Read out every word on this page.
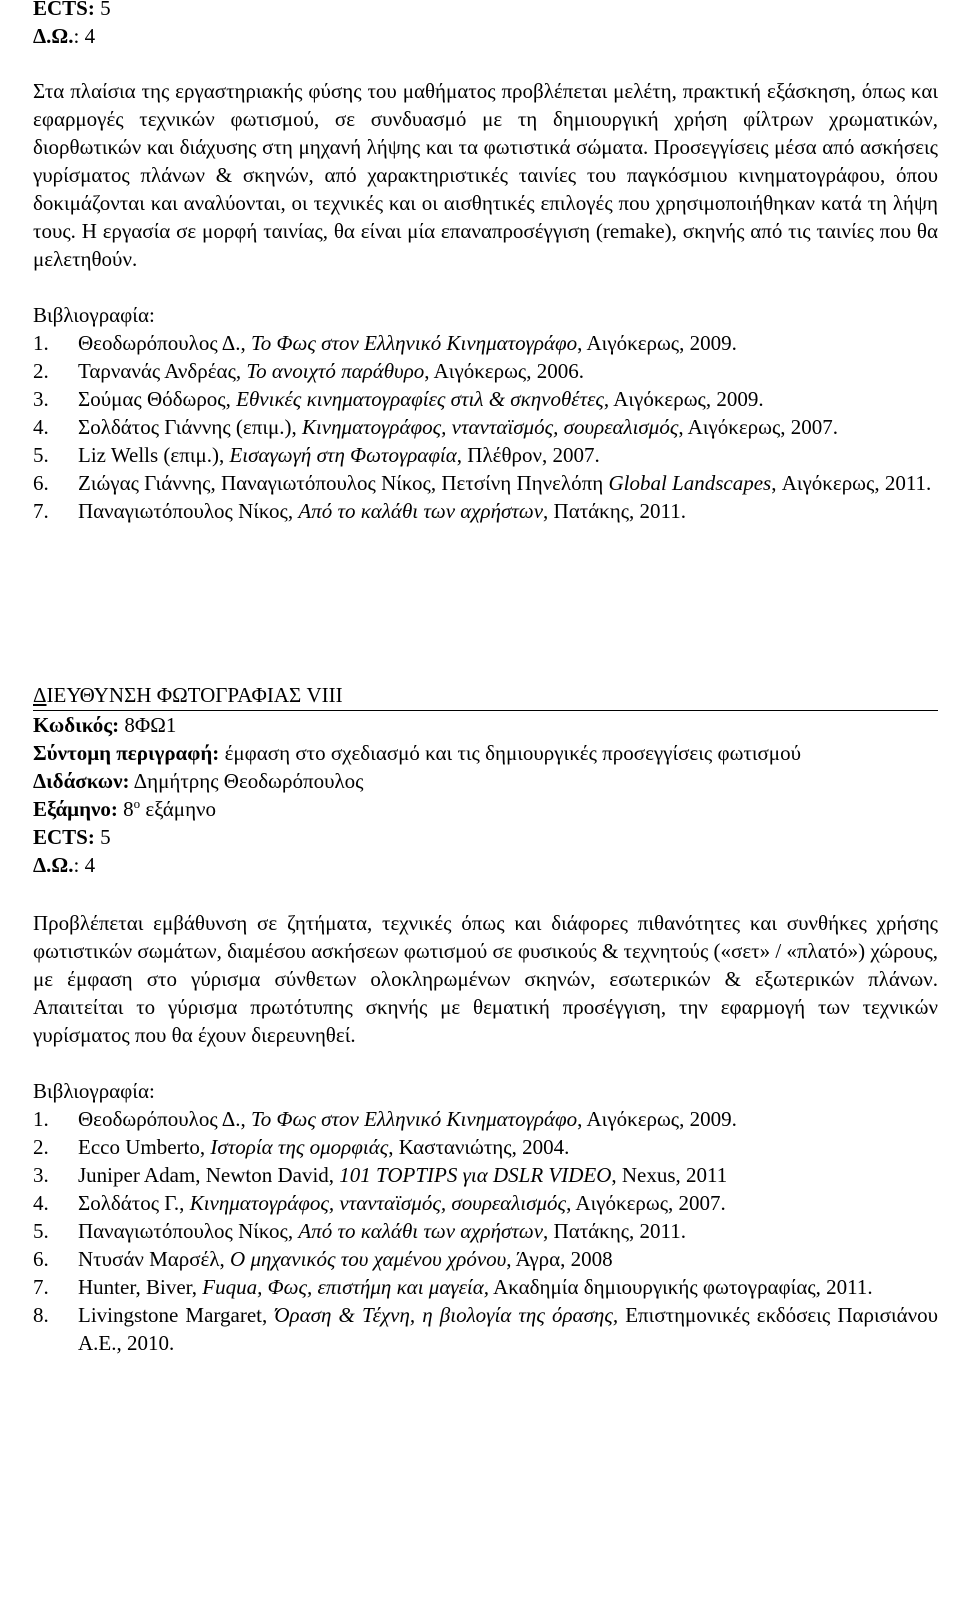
ECTS: 5
Δ.Ω.: 4

Στα πλαίσια της εργαστηριακής φύσης του μαθήματος προβλέπεται μελέτη, πρακτική εξάσκηση, όπως και εφαρμογές τεχνικών φωτισμού, σε συνδυασμό με τη δημιουργική χρήση φίλτρων χρωματικών, διορθωτικών και διάχυσης στη μηχανή λήψης και τα φωτιστικά σώματα. Προσεγγίσεις μέσα από ασκήσεις γυρίσματος πλάνων & σκηνών, από χαρακτηριστικές ταινίες του παγκόσμιου κινηματογράφου, όπου δοκιμάζονται και αναλύονται, οι τεχνικές και οι αισθητικές επιλογές που χρησιμοποιήθηκαν κατά τη λήψη τους. Η εργασία σε μορφή ταινίας, θα είναι μία επαναπροσέγγιση (remake), σκηνής από τις ταινίες που θα μελετηθούν.

Βιβλιογραφία:

1.	Θεοδωρόπουλος Δ., Το Φως στον Ελληνικό Κινηματογράφο, Αιγόκερως, 2009.
2.	Ταρνανάς Ανδρέας, Το ανοιχτό παράθυρο, Αιγόκερως, 2006.
3.	Σούμας Θόδωρος, Εθνικές κινηματογραφίες στιλ & σκηνοθέτες, Αιγόκερως, 2009.
4.	Σολδάτος Γιάννης (επιμ.), Κινηματογράφος, ντανταϊσμός, σουρεαλισμός, Αιγόκερως, 2007.
5.	Liz Wells (επιμ.), Εισαγωγή στη Φωτογραφία, Πλέθρον, 2007.
6.	Ζιώγας Γιάννης, Παναγιωτόπουλος Νίκος, Πετσίνη Πηνελόπη Global Landscapes, Αιγόκερως, 2011.
7.	Παναγιωτόπουλος Νίκος, Από το καλάθι των αχρήστων, Πατάκης, 2011.
ΔΙΕΥΘΥΝΣΗ ΦΩΤΟΓΡΑΦΙΑΣ VIII
Κωδικός: 8ΦΩ1
Σύντομη περιγραφή: έμφαση στο σχεδιασμό και τις δημιουργικές προσεγγίσεις φωτισμού
Διδάσκων: Δημήτρης Θεοδωρόπουλος
Εξάμηνο: $8^o$ εξάμηνο
ECTS: 5
Δ.Ω.: 4

Προβλέπεται εμβάθυνση σε ζητήματα, τεχνικές όπως και διάφορες πιθανότητες και συνθήκες χρήσης φωτιστικών σωμάτων, διαμέσου ασκήσεων φωτισμού σε φυσικούς & τεχνητούς («σετ» / «πλατό») χώρους, με έμφαση στο γύρισμα σύνθετων ολοκληρωμένων σκηνών, εσωτερικών & εξωτερικών πλάνων. Απαιτείται το γύρισμα πρωτότυπης σκηνής με θεματική προσέγγιση, την εφαρμογή των τεχνικών γυρίσματος που θα έχουν διερευνηθεί.

Βιβλιογραφία:

1.	Θεοδωρόπουλος Δ., Το Φως στον Ελληνικό Κινηματογράφο, Αιγόκερως, 2009.
2.	Ecco Umberto, Ιστορία της ομορφιάς, Καστανιώτης, 2004.
3.	Juniper Adam, Newton David, 101 TOPTIPS για DSLR VIDEO, Nexus, 2011
4.	Σολδάτος Γ., Κινηματογράφος, ντανταϊσμός, σουρεαλισμός, Αιγόκερως, 2007.
5.	Παναγιωτόπουλος Νίκος, Από το καλάθι των αχρήστων, Πατάκης, 2011.
6.	Ντυσάν Μαρσέλ, Ο μηχανικός του χαμένου χρόνου, Άγρα, 2008
7.	Hunter, Biver, Fuqua, Φως, επιστήμη και μαγεία, Ακαδημία δημιουργικής φωτογραφίας, 2011.
8.	Livingstone Margaret, Όραση & Τέχνη, η βιολογία της όρασης, Επιστημονικές εκδόσεις Παρισιάνου Α.Ε., 2010.
